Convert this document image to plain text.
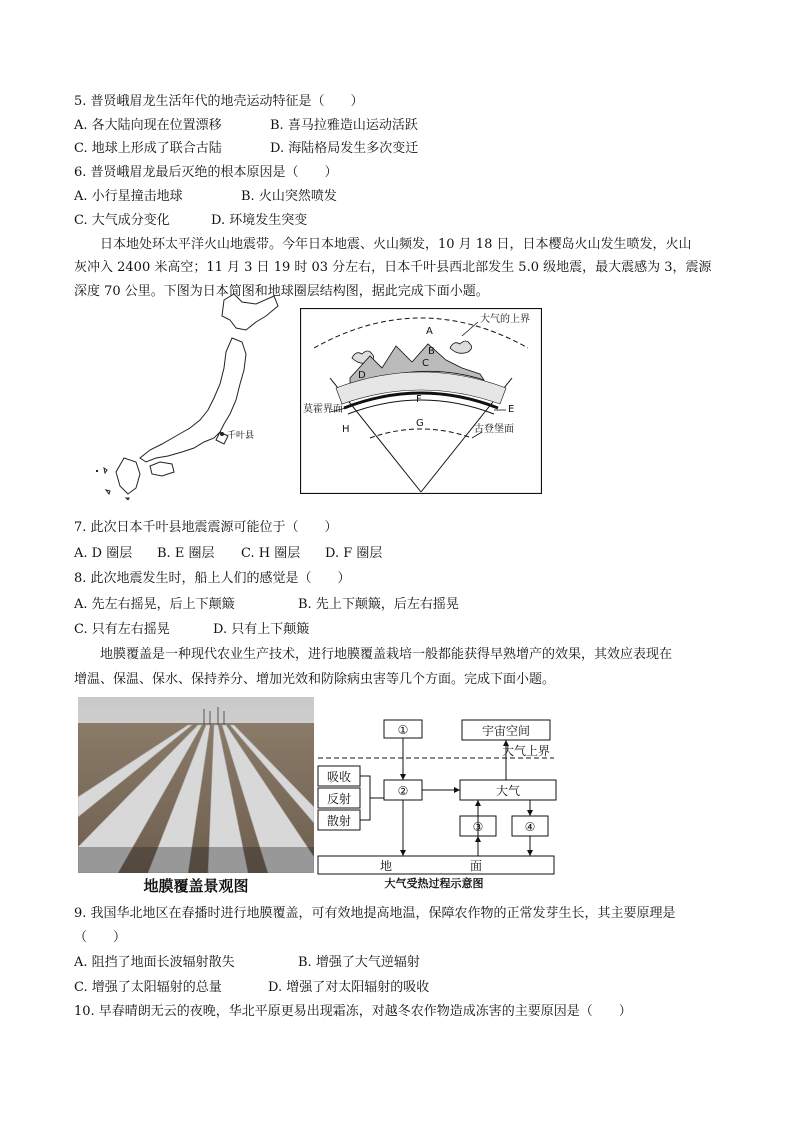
5. 普贤峨眉龙生活年代的地壳运动特征是（　　）
A. 各大陆向现在位置漂移	B. 喜马拉雅造山运动活跃
C. 地球上形成了联合古陆	D. 海陆格局发生多次变迁
6. 普贤峨眉龙最后灭绝的根本原因是（　　）
A. 小行星撞击地球	B. 火山突然喷发
C. 大气成分变化	D. 环境发生突变
日本地处环太平洋火山地震带。今年日本地震、火山频发，10 月 18 日，日本樱岛火山发生喷发，火山
灰冲入 2400 米高空；11 月 3 日 19 时 03 分左右，日本千叶县西北部发生 5.0 级地震，最大震感为 3，震源
深度 70 公里。下图为日本简图和地球圈层结构图，据此完成下面小题。
千叶县
大气的上界
A
B
C
D
E
F
G
H
莫霍界面
古登堡面
7. 此次日本千叶县地震震源可能位于（　　）
A. D 圈层 B. E 圈层 C. H 圈层 D. F 圈层
8. 此次地震发生时，船上人们的感觉是（　　）
A. 先左右摇晃，后上下颠簸	B. 先上下颠簸，后左右摇晃
C. 只有左右摇晃	D. 只有上下颠簸
地膜覆盖是一种现代农业生产技术，进行地膜覆盖栽培一般都能获得早熟增产的效果，其效应表现在
增温、保温、保水、保持养分、增加光效和防除病虫害等几个方面。完成下面小题。
地膜覆盖景观图
①	宇宙空间
大气上界
吸收
反射
散射
②	大气
③	④
地	面
大气受热过程示意图
9. 我国华北地区在春播时进行地膜覆盖，可有效地提高地温，保障农作物的正常发芽生长，其主要原理是
（　　）
A. 阻挡了地面长波辐射散失	B. 增强了大气逆辐射
C. 增强了太阳辐射的总量	D. 增强了对太阳辐射的吸收
10. 早春晴朗无云的夜晚，华北平原更易出现霜冻，对越冬农作物造成冻害的主要原因是（　　）
